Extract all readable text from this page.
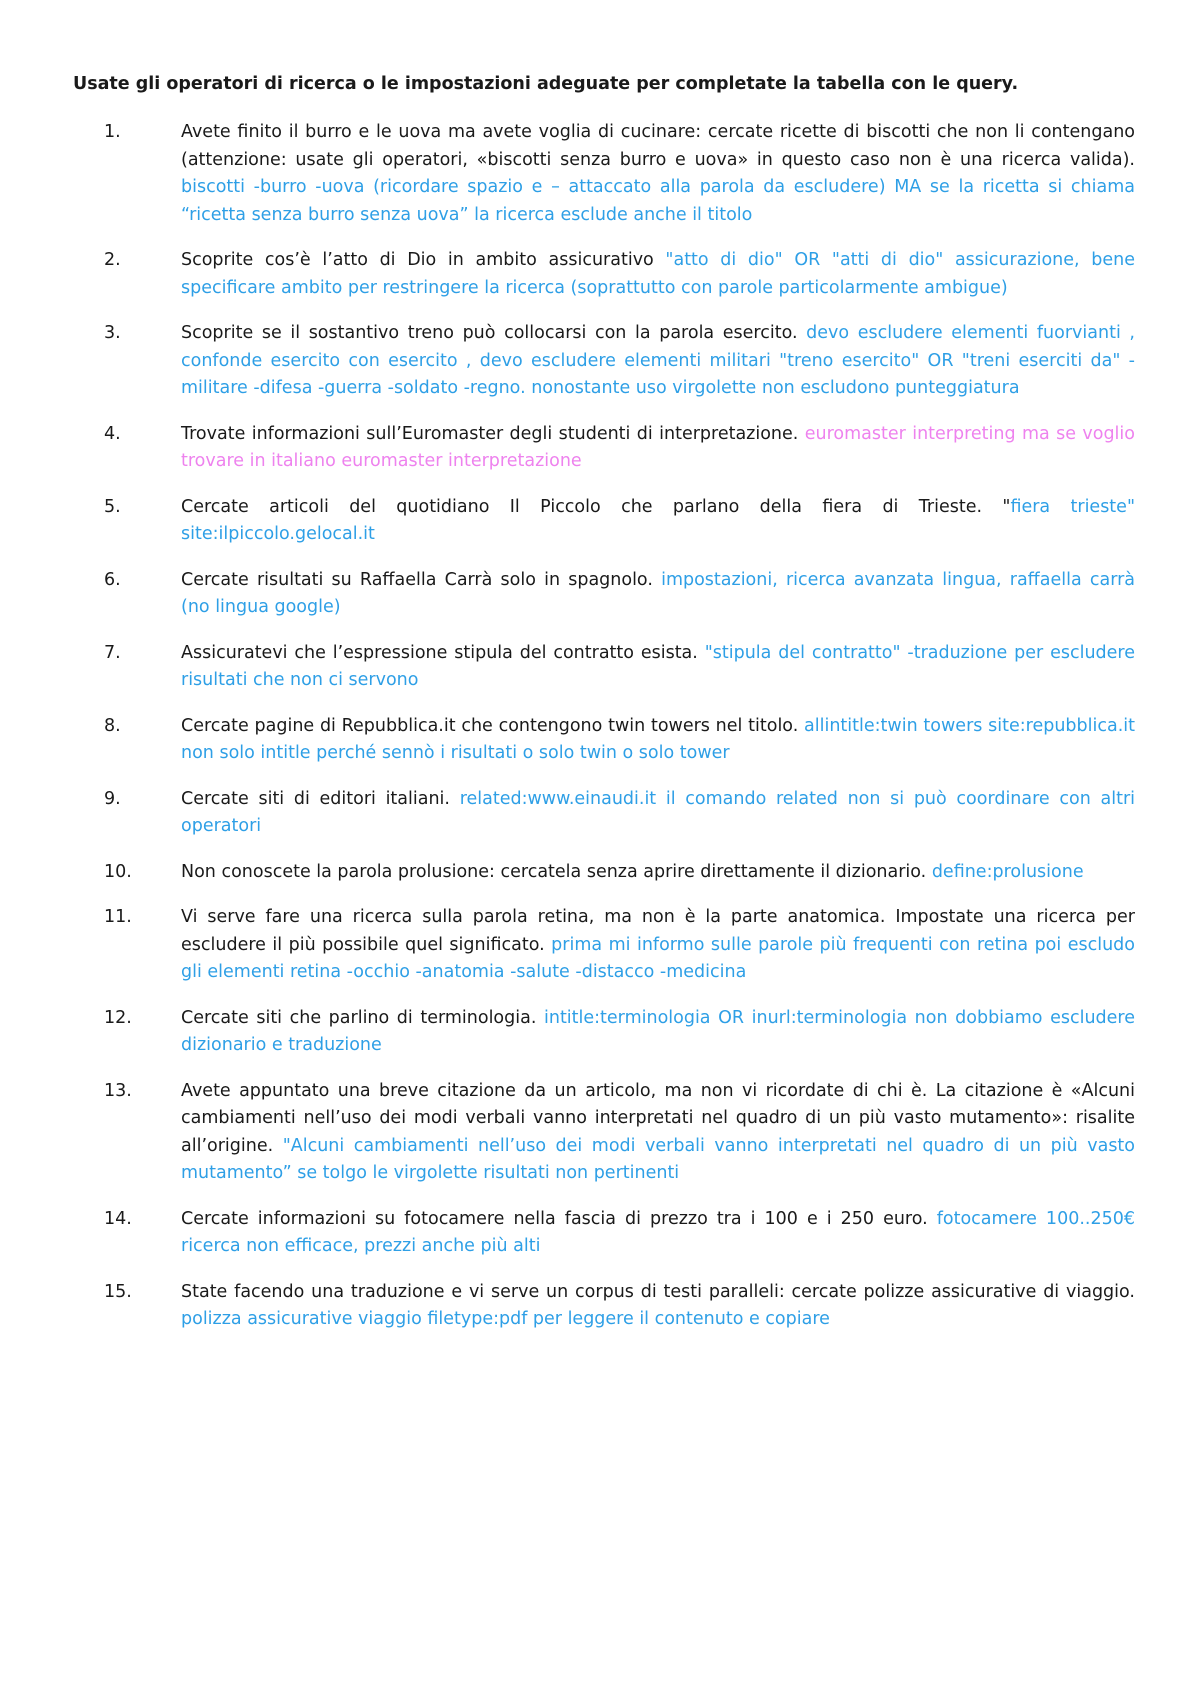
Usate gli operatori di ricerca o le impostazioni adeguate per completate la tabella con le query.
1.	Avete finito il burro e le uova ma avete voglia di cucinare: cercate ricette di biscotti che non li contengano (attenzione: usate gli operatori, «biscotti senza burro e uova» in questo caso non è una ricerca valida). biscotti -burro -uova (ricordare spazio e – attaccato alla parola da escludere) MA se la ricetta si chiama “ricetta senza burro senza uova” la ricerca esclude anche il titolo
2.	Scoprite cos’è l’atto di Dio in ambito assicurativo "atto di dio" OR "atti di dio" assicurazione, bene specificare ambito per restringere la ricerca (soprattutto con parole particolarmente ambigue)
3.	Scoprite se il sostantivo treno può collocarsi con la parola esercito. devo escludere elementi fuorvianti , confonde esercito con esercito , devo escludere elementi militari "treno esercito" OR "treni eserciti da" -militare -difesa -guerra -soldato -regno. nonostante uso virgolette non escludono punteggiatura
4.	Trovate informazioni sull’Euromaster degli studenti di interpretazione. euromaster interpreting ma se voglio trovare in italiano euromaster interpretazione
5.	Cercate articoli del quotidiano Il Piccolo che parlano della fiera di Trieste. "fiera trieste" site:ilpiccolo.gelocal.it
6.	Cercate risultati su Raffaella Carrà solo in spagnolo. impostazioni, ricerca avanzata lingua, raffaella carrà (no lingua google)
7.	Assicuratevi che l’espressione stipula del contratto esista. "stipula del contratto" -traduzione per escludere risultati che non ci servono
8.	Cercate pagine di Repubblica.it che contengono twin towers nel titolo. allintitle:twin towers site:repubblica.it non solo intitle perché sennò i risultati o solo twin o solo tower
9.	Cercate siti di editori italiani. related:www.einaudi.it il comando related non si può coordinare con altri operatori
10.	Non conoscete la parola prolusione: cercatela senza aprire direttamente il dizionario. define:prolusione
11.	Vi serve fare una ricerca sulla parola retina, ma non è la parte anatomica. Impostate una ricerca per escludere il più possibile quel significato. prima mi informo sulle parole più frequenti con retina poi escludo gli elementi retina -occhio -anatomia -salute -distacco -medicina
12.	Cercate siti che parlino di terminologia. intitle:terminologia OR inurl:terminologia non dobbiamo escludere dizionario e traduzione
13.	Avete appuntato una breve citazione da un articolo, ma non vi ricordate di chi è. La citazione è «Alcuni cambiamenti nell’uso dei modi verbali vanno interpretati nel quadro di un più vasto mutamento»: risalite all’origine. "Alcuni cambiamenti nell’uso dei modi verbali vanno interpretati nel quadro di un più vasto mutamento” se tolgo le virgolette risultati non pertinenti
14.	Cercate informazioni su fotocamere nella fascia di prezzo tra i 100 e i 250 euro. fotocamere 100..250€ ricerca non efficace, prezzi anche più alti
15.	State facendo una traduzione e vi serve un corpus di testi paralleli: cercate polizze assicurative di viaggio. polizza assicurative viaggio filetype:pdf per leggere il contenuto e copiare
